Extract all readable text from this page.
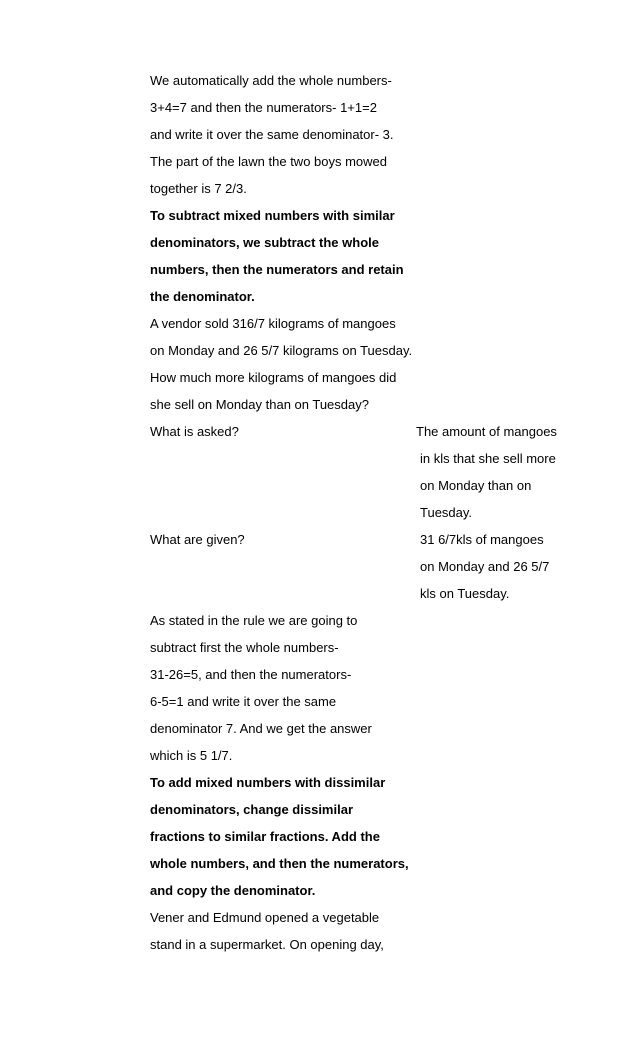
We automatically add the whole numbers-
3+4=7 and then the numerators- 1+1=2
and write it over the same denominator- 3.
The part of the lawn the two boys mowed
together is 7 2/3.
To subtract mixed numbers with similar
denominators, we subtract the whole
numbers, then the numerators and retain
the denominator.
A vendor sold 316/7 kilograms of mangoes
on Monday and 26 5/7 kilograms on Tuesday.
How much more kilograms of mangoes did
she sell on Monday than on Tuesday?
What is asked?	The amount of mangoes
in kls that she sell more
on Monday than on
Tuesday.
What are given?	31 6/7kls of mangoes
on Monday and 26 5/7
kls on Tuesday.
As stated in the rule we are going to
subtract first the whole numbers-
31-26=5, and then the numerators-
6-5=1 and write it over the same
denominator 7. And we get the answer
which is 5 1/7.
To add mixed numbers with dissimilar
denominators, change dissimilar
fractions to similar fractions. Add the
whole numbers, and then the numerators,
and copy the denominator.
Vener and Edmund opened a vegetable
stand in a supermarket. On opening day,
